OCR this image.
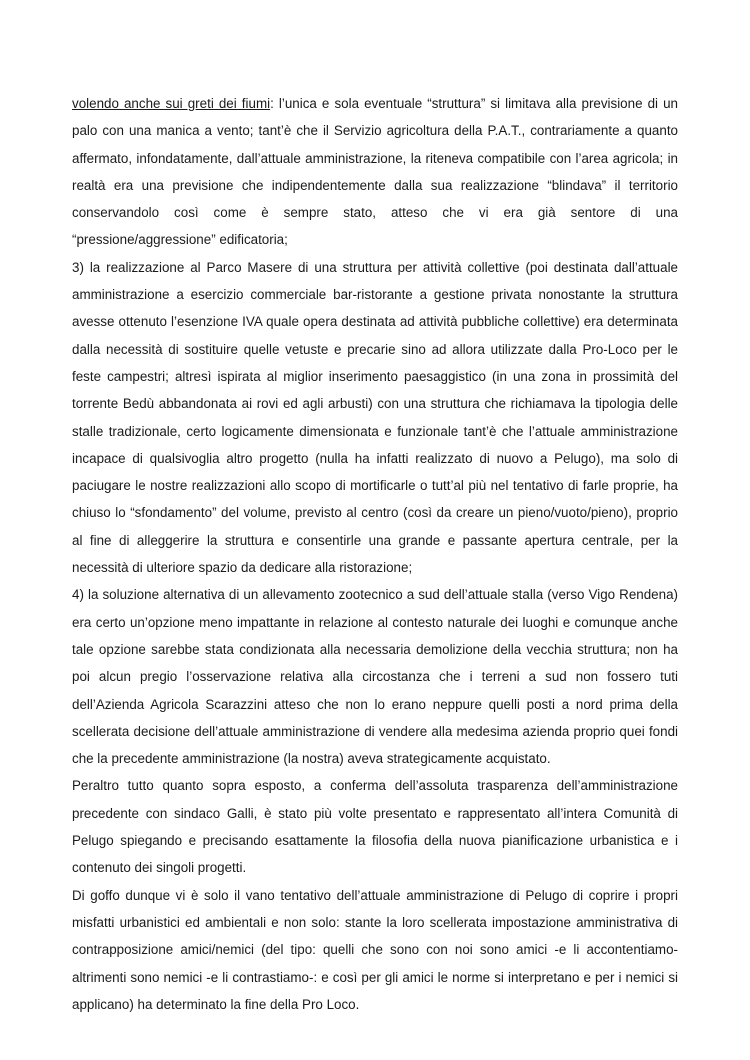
volendo anche sui greti dei fiumi: l’unica e sola eventuale “struttura” si limitava alla previsione di un palo con una manica a vento; tant’è che il Servizio agricoltura della P.A.T., contrariamente a quanto affermato, infondatamente, dall’attuale amministrazione, la riteneva compatibile con l’area agricola; in realtà era una previsione che indipendentemente dalla sua realizzazione “blindava” il territorio conservandolo così come è sempre stato, atteso che vi era già sentore di una “pressione/aggressione” edificatoria;

3) la realizzazione al Parco Masere di una struttura per attività collettive (poi destinata dall’attuale amministrazione a esercizio commerciale bar-ristorante a gestione privata nonostante la struttura avesse ottenuto l’esenzione IVA quale opera destinata ad attività pubbliche collettive) era determinata dalla necessità di sostituire quelle vetuste e precarie sino ad allora utilizzate dalla Pro-Loco per le feste campestri; altresì ispirata al miglior inserimento paesaggistico (in una zona in prossimità del torrente Bedù abbandonata ai rovi ed agli arbusti) con una struttura che richiamava la tipologia delle stalle tradizionale, certo logicamente dimensionata e funzionale tant’è che l’attuale amministrazione incapace di qualsivoglia altro progetto (nulla ha infatti realizzato di nuovo a Pelugo), ma solo di paciugare le nostre realizzazioni allo scopo di mortificarle o tutt’al più nel tentativo di farle proprie, ha chiuso lo “sfondamento” del volume, previsto al centro (così da creare un pieno/vuoto/pieno), proprio al fine di alleggerire la struttura e consentirle una grande e passante apertura centrale, per la necessità di ulteriore spazio da dedicare alla ristorazione;

4) la soluzione alternativa di un allevamento zootecnico a sud dell’attuale stalla (verso Vigo Rendena) era certo un’opzione meno impattante in relazione al contesto naturale dei luoghi e comunque anche tale opzione sarebbe stata condizionata alla necessaria demolizione della vecchia struttura; non ha poi alcun pregio l’osservazione relativa alla circostanza che i terreni a sud non fossero tuti dell’Azienda Agricola Scarazzini atteso che non lo erano neppure quelli posti a nord prima della scellerata decisione dell’attuale amministrazione di vendere alla medesima azienda proprio quei fondi che la precedente amministrazione (la nostra) aveva strategicamente acquistato.

Peraltro tutto quanto sopra esposto, a conferma dell’assoluta trasparenza dell’amministrazione precedente con sindaco Galli, è stato più volte presentato e rappresentato all’intera Comunità di Pelugo spiegando e precisando esattamente la filosofia della nuova pianificazione urbanistica e i contenuto dei singoli progetti.

Di goffo dunque vi è solo il vano tentativo dell’attuale amministrazione di Pelugo di coprire i propri misfatti urbanistici ed ambientali e non solo: stante la loro scellerata impostazione amministrativa di contrapposizione amici/nemici (del tipo: quelli che sono con noi sono amici -e li accontentiamo- altrimenti sono nemici -e li contrastiamo-: e così per gli amici le norme si interpretano e per i nemici si applicano) ha determinato la fine della Pro Loco.
